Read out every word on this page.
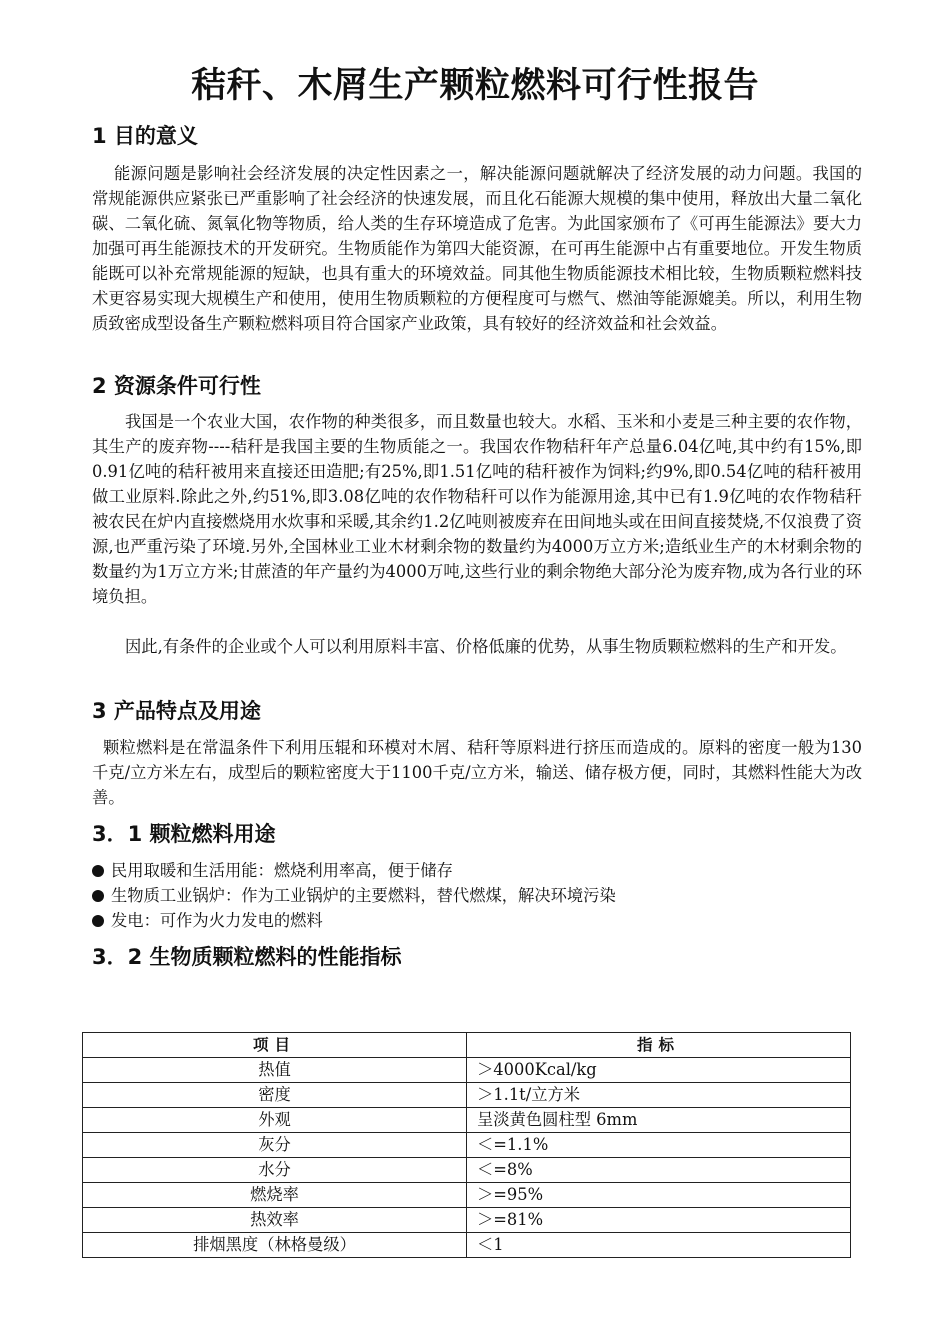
秸秆、木屑生产颗粒燃料可行性报告
1 目的意义

能源问题是影响社会经济发展的决定性因素之一，解决能源问题就解决了经济发展的动力问题。我国的常规能源供应紧张已严重影响了社会经济的快速发展，而且化石能源大规模的集中使用，释放出大量二氧化碳、二氧化硫、氮氧化物等物质，给人类的生存环境造成了危害。为此国家颁布了《可再生能源法》要大力加强可再生能源技术的开发研究。生物质能作为第四大能资源，在可再生能源中占有重要地位。开发生物质能既可以补充常规能源的短缺，也具有重大的环境效益。同其他生物质能源技术相比较，生物质颗粒燃料技术更容易实现大规模生产和使用，使用生物质颗粒的方便程度可与燃气、燃油等能源媲美。所以，利用生物质致密成型设备生产颗粒燃料项目符合国家产业政策，具有较好的经济效益和社会效益。

2 资源条件可行性

我国是一个农业大国，农作物的种类很多，而且数量也较大。水稻、玉米和小麦是三种主要的农作物，其生产的废弃物----秸秆是我国主要的生物质能之一。我国农作物秸秆年产总量6.04亿吨,其中约有15%,即0.91亿吨的秸秆被用来直接还田造肥;有25%,即1.51亿吨的秸秆被作为饲料;约9%,即0.54亿吨的秸秆被用做工业原料.除此之外,约51%,即3.08亿吨的农作物秸秆可以作为能源用途,其中已有1.9亿吨的农作物秸秆被农民在炉内直接燃烧用水炊事和采暖,其余约1.2亿吨则被废弃在田间地头或在田间直接焚烧,不仅浪费了资源,也严重污染了环境.另外,全国林业工业木材剩余物的数量约为4000万立方米;造纸业生产的木材剩余物的数量约为1万立方米;甘蔗渣的年产量约为4000万吨,这些行业的剩余物绝大部分沦为废弃物,成为各行业的环境负担。

因此,有条件的企业或个人可以利用原料丰富、价格低廉的优势，从事生物质颗粒燃料的生产和开发。

3 产品特点及用途

颗粒燃料是在常温条件下利用压辊和环模对木屑、秸秆等原料进行挤压而造成的。原料的密度一般为130千克/立方米左右，成型后的颗粒密度大于1100千克/立方米，输送、储存极方便，同时，其燃料性能大为改善。

3．1 颗粒燃料用途
民用取暖和生活用能：燃烧利用率高，便于储存
生物质工业锅炉：作为工业锅炉的主要燃料，替代燃煤，解决环境污染
发电：可作为火力发电的燃料
3．2 生物质颗粒燃料的性能指标
项目	指标
热值	＞4000Kcal/kg
密度	＞1.1t/立方米
外观	呈淡黄色圆柱型 6mm
灰分	＜=1.1%
水分	＜=8%
燃烧率	＞=95%
热效率	＞=81%
排烟黑度（林格曼级）	＜1
